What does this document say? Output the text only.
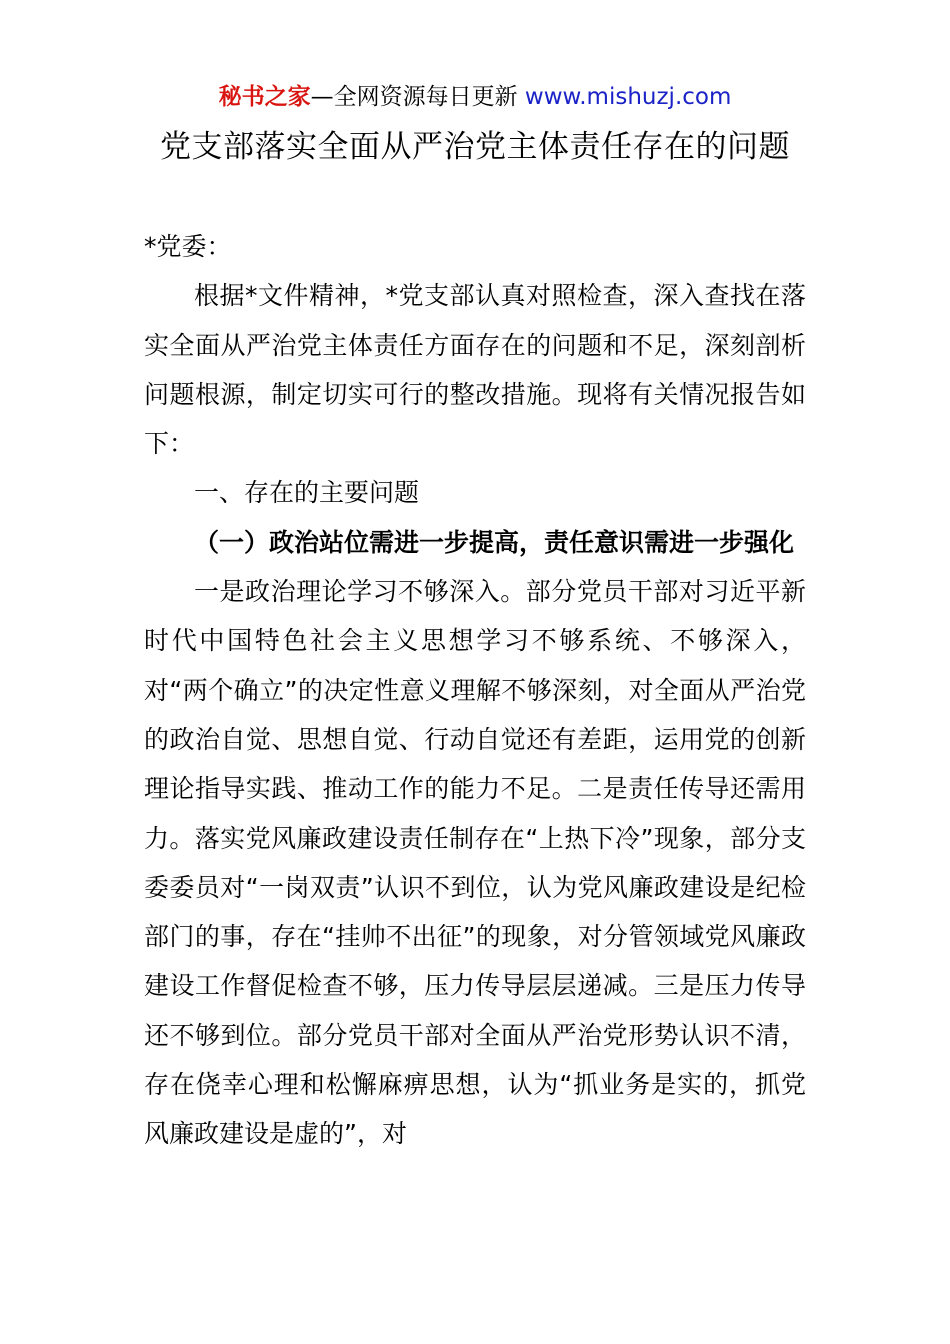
秘书之家—全网资源每日更新 www.mishuzj.com
党支部落实全面从严治党主体责任存在的问题

*党委：

根据*文件精神，*党支部认真对照检查，深入查找在落实全面从严治党主体责任方面存在的问题和不足，深刻剖析问题根源，制定切实可行的整改措施。现将有关情况报告如下：

一、存在的主要问题

（一）政治站位需进一步提高，责任意识需进一步强化

一是政治理论学习不够深入。部分党员干部对习近平新时代中国特色社会主义思想学习不够系统、不够深入，对“两个确立”的决定性意义理解不够深刻，对全面从严治党的政治自觉、思想自觉、行动自觉还有差距，运用党的创新理论指导实践、推动工作的能力不足。二是责任传导还需用力。落实党风廉政建设责任制存在“上热下冷”现象，部分支委委员对“一岗双责”认识不到位，认为党风廉政建设是纪检部门的事，存在“挂帅不出征”的现象，对分管领域党风廉政建设工作督促检查不够，压力传导层层递减。三是压力传导还不够到位。部分党员干部对全面从严治党形势认识不清，存在侥幸心理和松懈麻痹思想，认为“抓业务是实的，抓党风廉政建设是虚的”，对
